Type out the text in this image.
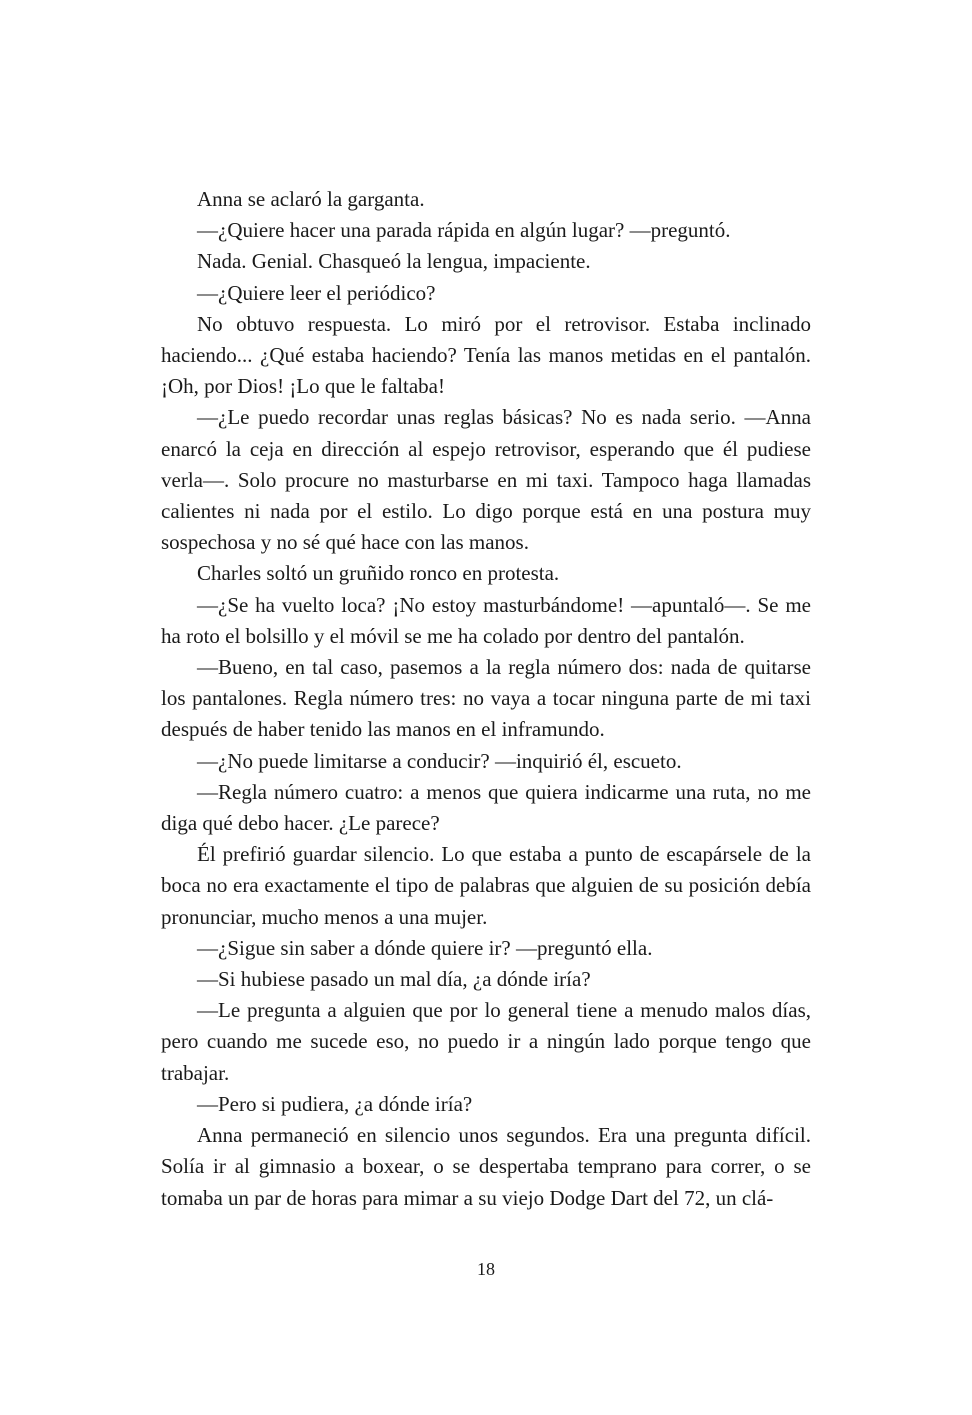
Anna se aclaró la garganta.

—¿Quiere hacer una parada rápida en algún lugar? —preguntó.

Nada. Genial. Chasqueó la lengua, impaciente.

—¿Quiere leer el periódico?

No obtuvo respuesta. Lo miró por el retrovisor. Estaba inclinado haciendo... ¿Qué estaba haciendo? Tenía las manos metidas en el pantalón. ¡Oh, por Dios! ¡Lo que le faltaba!

—¿Le puedo recordar unas reglas básicas? No es nada serio. —Anna enarcó la ceja en dirección al espejo retrovisor, esperando que él pudiese verla—. Solo procure no masturbarse en mi taxi. Tampoco haga llamadas calientes ni nada por el estilo. Lo digo porque está en una postura muy sospechosa y no sé qué hace con las manos.

Charles soltó un gruñido ronco en protesta.

—¿Se ha vuelto loca? ¡No estoy masturbándome! —apuntaló—. Se me ha roto el bolsillo y el móvil se me ha colado por dentro del pantalón.

—Bueno, en tal caso, pasemos a la regla número dos: nada de quitarse los pantalones. Regla número tres: no vaya a tocar ninguna parte de mi taxi después de haber tenido las manos en el inframundo.

—¿No puede limitarse a conducir? —inquirió él, escueto.

—Regla número cuatro: a menos que quiera indicarme una ruta, no me diga qué debo hacer. ¿Le parece?

Él prefirió guardar silencio. Lo que estaba a punto de escapársele de la boca no era exactamente el tipo de palabras que alguien de su posición debía pronunciar, mucho menos a una mujer.

—¿Sigue sin saber a dónde quiere ir? —preguntó ella.

—Si hubiese pasado un mal día, ¿a dónde iría?

—Le pregunta a alguien que por lo general tiene a menudo malos días, pero cuando me sucede eso, no puedo ir a ningún lado porque tengo que trabajar.

—Pero si pudiera, ¿a dónde iría?

Anna permaneció en silencio unos segundos. Era una pregunta difícil. Solía ir al gimnasio a boxear, o se despertaba temprano para correr, o se tomaba un par de horas para mimar a su viejo Dodge Dart del 72, un clá-

18
